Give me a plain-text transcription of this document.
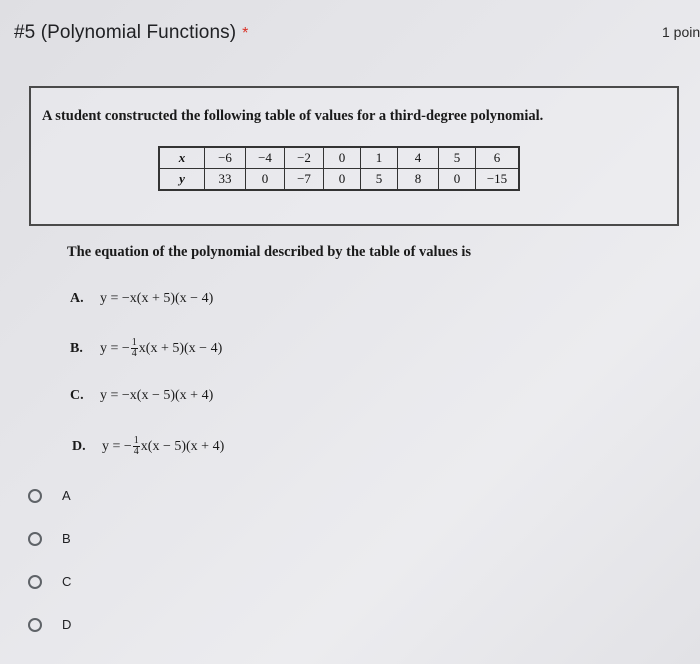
#5 (Polynomial Functions) *	1 poin
A student constructed the following table of values for a third-degree polynomial.
x	−6	−4	−2	0	1	4	5	6
y	33	0	−7	0	5	8	0	−15
The equation of the polynomial described by the table of values is
A.	y = −x(x + 5)(x − 4)
B.	y = − $\frac{1}{4} x(x + 5)(x - 4)$
C.	y = −x(x − 5)(x + 4)
D.	y = − $\frac{1}{4} x(x - 5)(x + 4)$
A
B
C
D
